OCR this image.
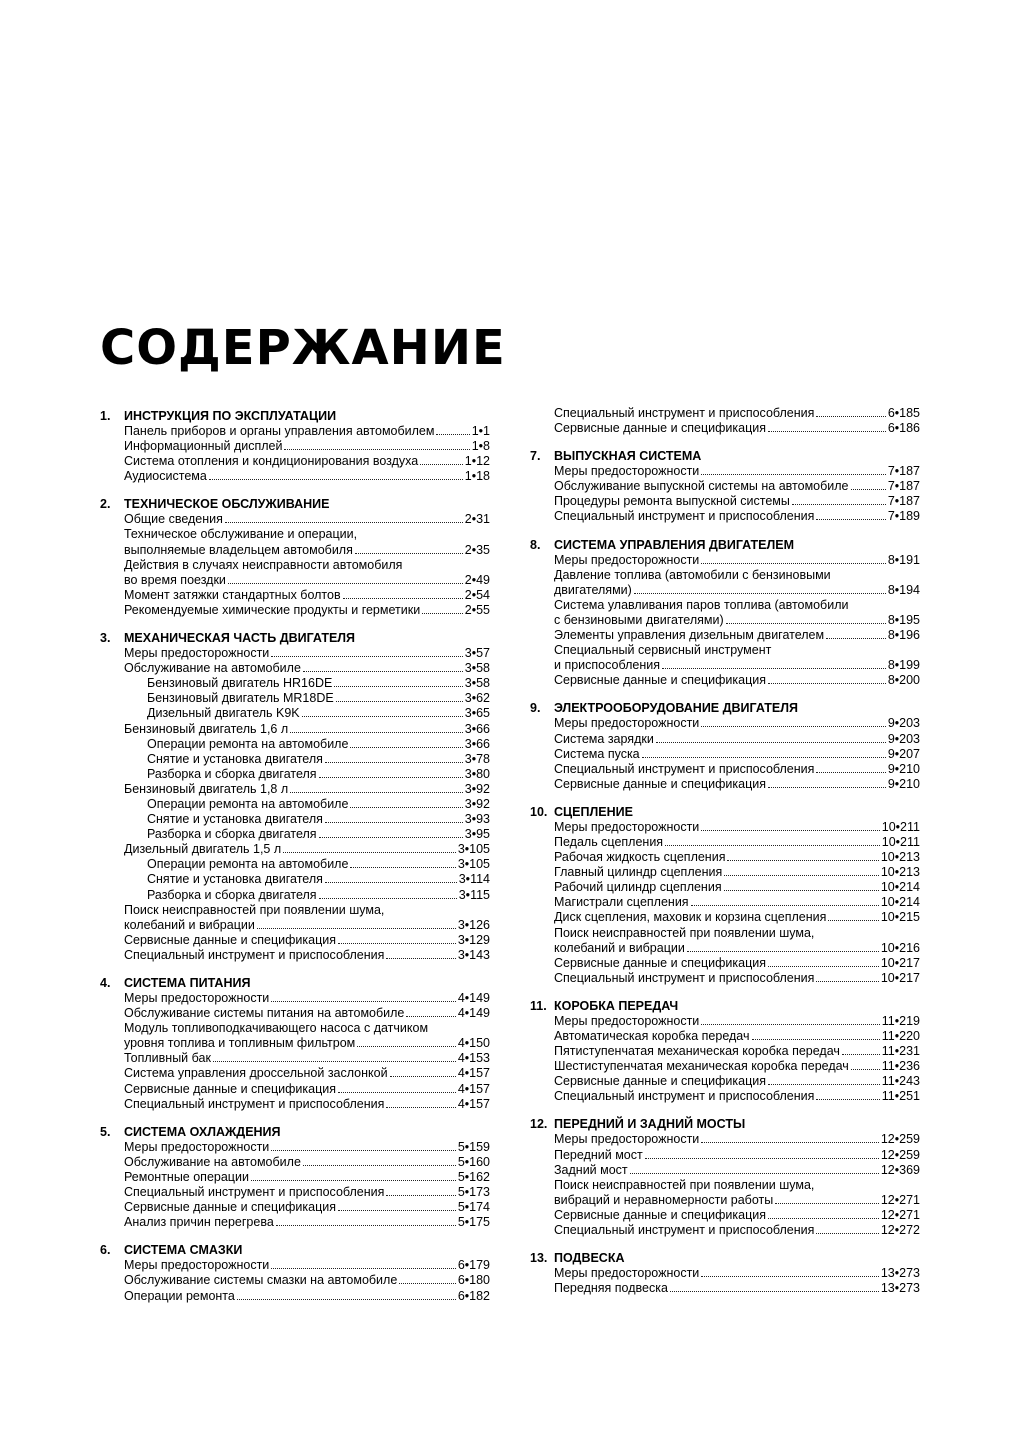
СОДЕРЖАНИЕ
1.	ИНСТРУКЦИЯ ПО ЭКСПЛУАТАЦИИ
Панель приборов и органы управления автомобилем	1•1
Информационный дисплей	1•8
Система отопления и кондиционирования воздуха	1•12
Аудиосистема	1•18
2.	ТЕХНИЧЕСКОЕ ОБСЛУЖИВАНИЕ
Общие сведения	2•31
Техническое обслуживание и операции,
выполняемые владельцем автомобиля	2•35
Действия в случаях неисправности автомобиля
во время поездки	2•49
Момент затяжки стандартных болтов	2•54
Рекомендуемые химические продукты и герметики	2•55
3.	МЕХАНИЧЕСКАЯ ЧАСТЬ ДВИГАТЕЛЯ
Меры предосторожности	3•57
Обслуживание на автомобиле	3•58
Бензиновый двигатель HR16DE	3•58
Бензиновый двигатель MR18DE	3•62
Дизельный двигатель K9K	3•65
Бензиновый двигатель 1,6 л	3•66
Операции ремонта на автомобиле	3•66
Снятие и установка двигателя	3•78
Разборка и сборка двигателя	3•80
Бензиновый двигатель 1,8 л	3•92
Операции ремонта на автомобиле	3•92
Снятие и установка двигателя	3•93
Разборка и сборка двигателя	3•95
Дизельный двигатель 1,5 л	3•105
Операции ремонта на автомобиле	3•105
Снятие и установка двигателя	3•114
Разборка и сборка двигателя	3•115
Поиск неисправностей при появлении шума,
колебаний и вибрации	3•126
Сервисные данные и спецификация	3•129
Специальный инструмент и приспособления	3•143
4.	СИСТЕМА ПИТАНИЯ
Меры предосторожности	4•149
Обслуживание системы питания на автомобиле	4•149
Модуль топливоподкачивающего насоса с датчиком
уровня топлива и топливным фильтром	4•150
Топливный бак	4•153
Система управления дроссельной заслонкой	4•157
Сервисные данные и спецификация	4•157
Специальный инструмент и приспособления	4•157
5.	СИСТЕМА ОХЛАЖДЕНИЯ
Меры предосторожности	5•159
Обслуживание на автомобиле	5•160
Ремонтные операции	5•162
Специальный инструмент и приспособления	5•173
Сервисные данные и спецификация	5•174
Анализ причин перегрева	5•175
6.	СИСТЕМА СМАЗКИ
Меры предосторожности	6•179
Обслуживание системы смазки на автомобиле	6•180
Операции ремонта	6•182
Специальный инструмент и приспособления	6•185
Сервисные данные и спецификация	6•186
7.	ВЫПУСКНАЯ СИСТЕМА
Меры предосторожности	7•187
Обслуживание выпускной системы на автомобиле	7•187
Процедуры ремонта выпускной системы	7•187
Специальный инструмент и приспособления	7•189
8.	СИСТЕМА УПРАВЛЕНИЯ ДВИГАТЕЛЕМ
Меры предосторожности	8•191
Давление топлива (автомобили с бензиновыми
двигателями)	8•194
Система улавливания паров топлива (автомобили
с бензиновыми двигателями)	8•195
Элементы управления дизельным двигателем	8•196
Специальный сервисный инструмент
и приспособления	8•199
Сервисные данные и спецификация	8•200
9.	ЭЛЕКТРООБОРУДОВАНИЕ ДВИГАТЕЛЯ
Меры предосторожности	9•203
Система зарядки	9•203
Система пуска	9•207
Специальный инструмент и приспособления	9•210
Сервисные данные и спецификация	9•210
10. СЦЕПЛЕНИЕ
Меры предосторожности	10•211
Педаль сцепления	10•211
Рабочая жидкость сцепления	10•213
Главный цилиндр сцепления	10•213
Рабочий цилиндр сцепления	10•214
Магистрали сцепления	10•214
Диск сцепления, маховик и корзина сцепления	10•215
Поиск неисправностей при появлении шума,
колебаний и вибрации	10•216
Сервисные данные и спецификация	10•217
Специальный инструмент и приспособления	10•217
11. КОРОБКА ПЕРЕДАЧ
Меры предосторожности	11•219
Автоматическая коробка передач	11•220
Пятиступенчатая механическая коробка передач	11•231
Шестиступенчатая механическая коробка передач	11•236
Сервисные данные и спецификация	11•243
Специальный инструмент и приспособления	11•251
12. ПЕРЕДНИЙ И ЗАДНИЙ МОСТЫ
Меры предосторожности	12•259
Передний мост	12•259
Задний мост	12•369
Поиск неисправностей при появлении шума,
вибраций и неравномерности работы	12•271
Сервисные данные и спецификация	12•271
Специальный инструмент и приспособления	12•272
13. ПОДВЕСКА
Меры предосторожности	13•273
Передняя подвеска	13•273
